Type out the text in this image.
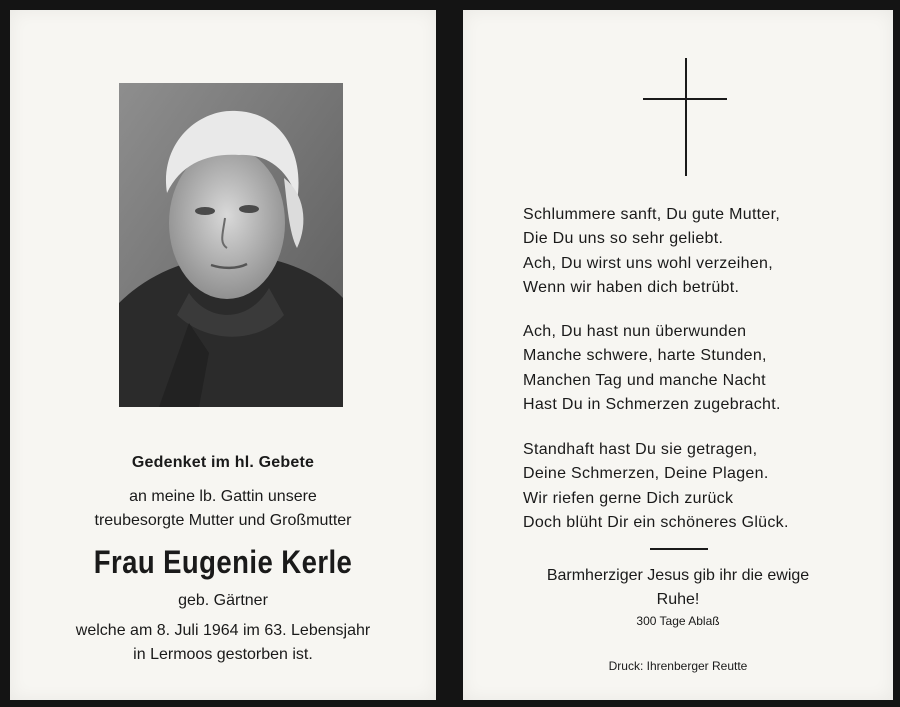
Gedenket im hl. Gebete
an meine lb. Gattin unsere
treubesorgte Mutter und Großmutter
Frau Eugenie Kerle
geb. Gärtner
welche am 8. Juli 1964 im 63. Lebensjahr
in Lermoos gestorben ist.
Schlummere sanft, Du gute Mutter,
Die Du uns so sehr geliebt.
Ach, Du wirst uns wohl verzeihen,
Wenn wir haben dich betrübt.
Ach, Du hast nun überwunden
Manche schwere, harte Stunden,
Manchen Tag und manche Nacht
Hast Du in Schmerzen zugebracht.
Standhaft hast Du sie getragen,
Deine Schmerzen, Deine Plagen.
Wir riefen gerne Dich zurück
Doch blüht Dir ein schöneres Glück.
Barmherziger Jesus gib ihr die ewige
Ruhe!
300 Tage Ablaß
Druck: Ihrenberger Reutte
